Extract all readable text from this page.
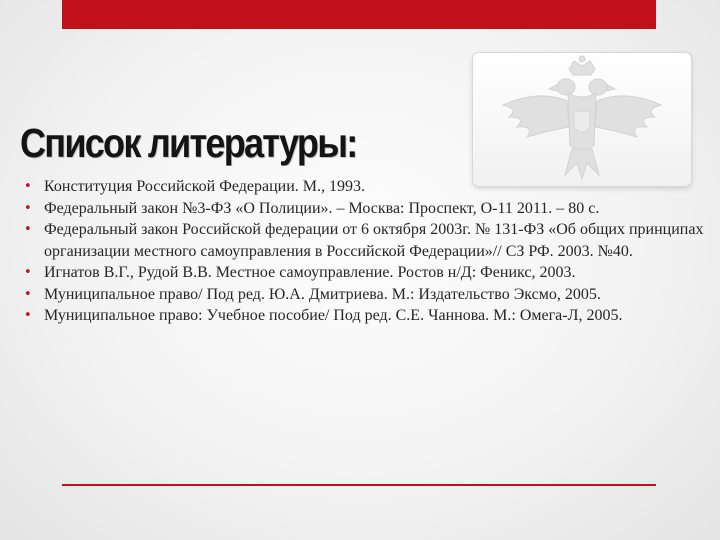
Список литературы:
• Конституция Российской Федерации. М., 1993.
• Федеральный закон №3-ФЗ «О Полиции». – Москва: Проспект, О-11 2011. – 80 с.
• Федеральный закон Российской федерации от 6 октября 2003г. № 131-ФЗ «Об общих принципах организации местного самоуправления в Российской Федерации»// СЗ РФ. 2003. №40.
• Игнатов В.Г., Рудой В.В. Местное самоуправление. Ростов н/Д: Феникс, 2003.
• Муниципальное право/ Под ред. Ю.А. Дмитриева. М.: Издательство Эксмо, 2005.
• Муниципальное право: Учебное пособие/ Под ред. С.Е. Чаннова. М.: Омега-Л, 2005.
